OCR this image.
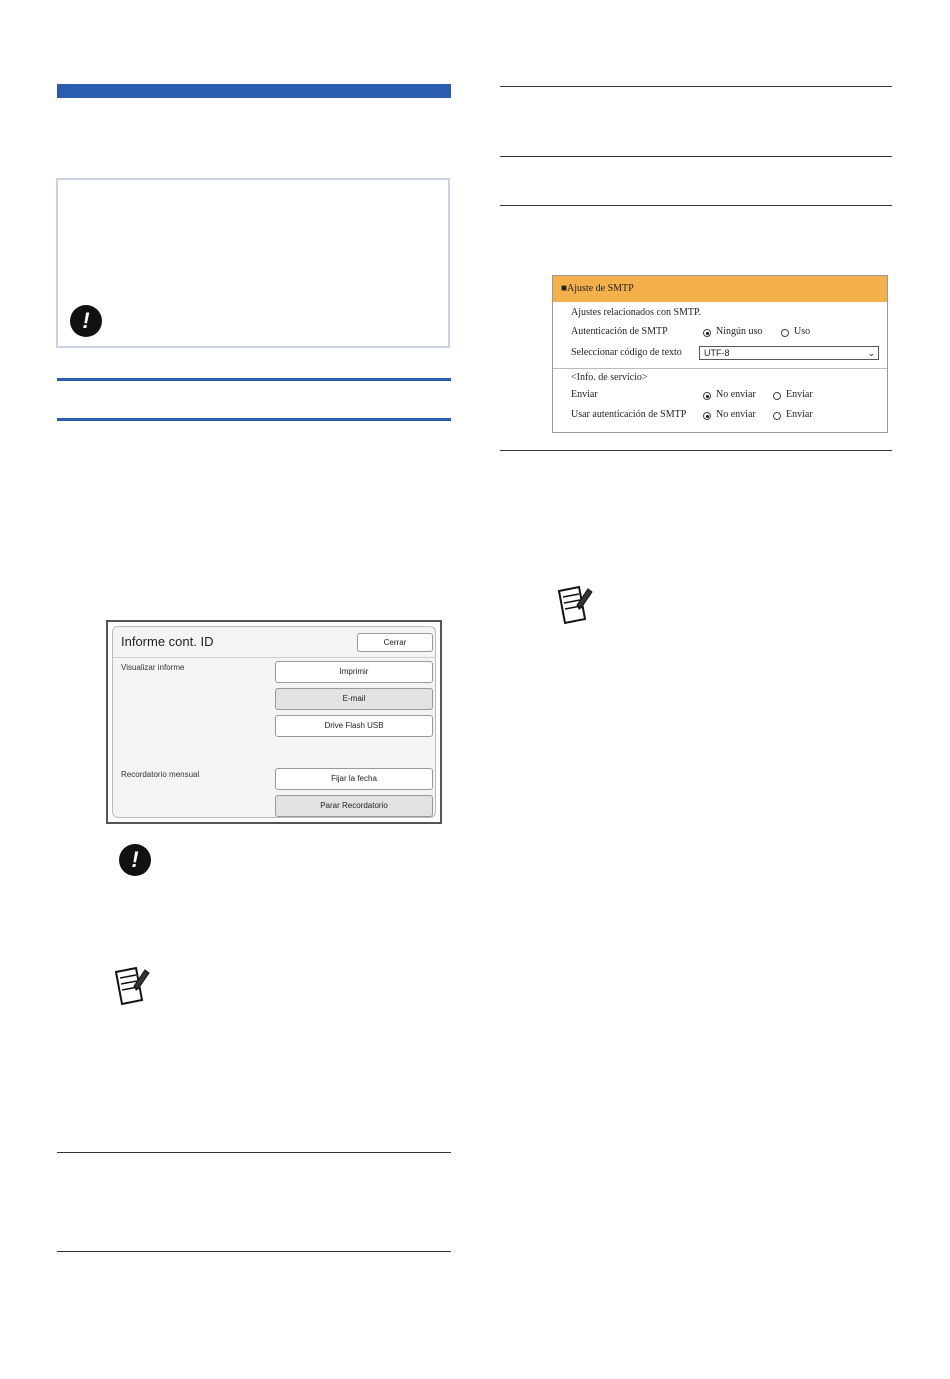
!
Informe cont. ID	Cerrar
Visualizar informe	Imprimir
E-mail
Drive Flash USB
Recordatorio mensual	Fijar la fecha
Parar Recordatorio
!
■Ajuste de SMTP
Ajustes relacionados con SMTP.
Autenticación de SMTP	Ningún uso	Uso
Seleccionar código de texto	UTF-8	⌄
<Info. de servicio>
Enviar	No enviar	Enviar
Usar autenticación de SMTP	No enviar	Enviar
